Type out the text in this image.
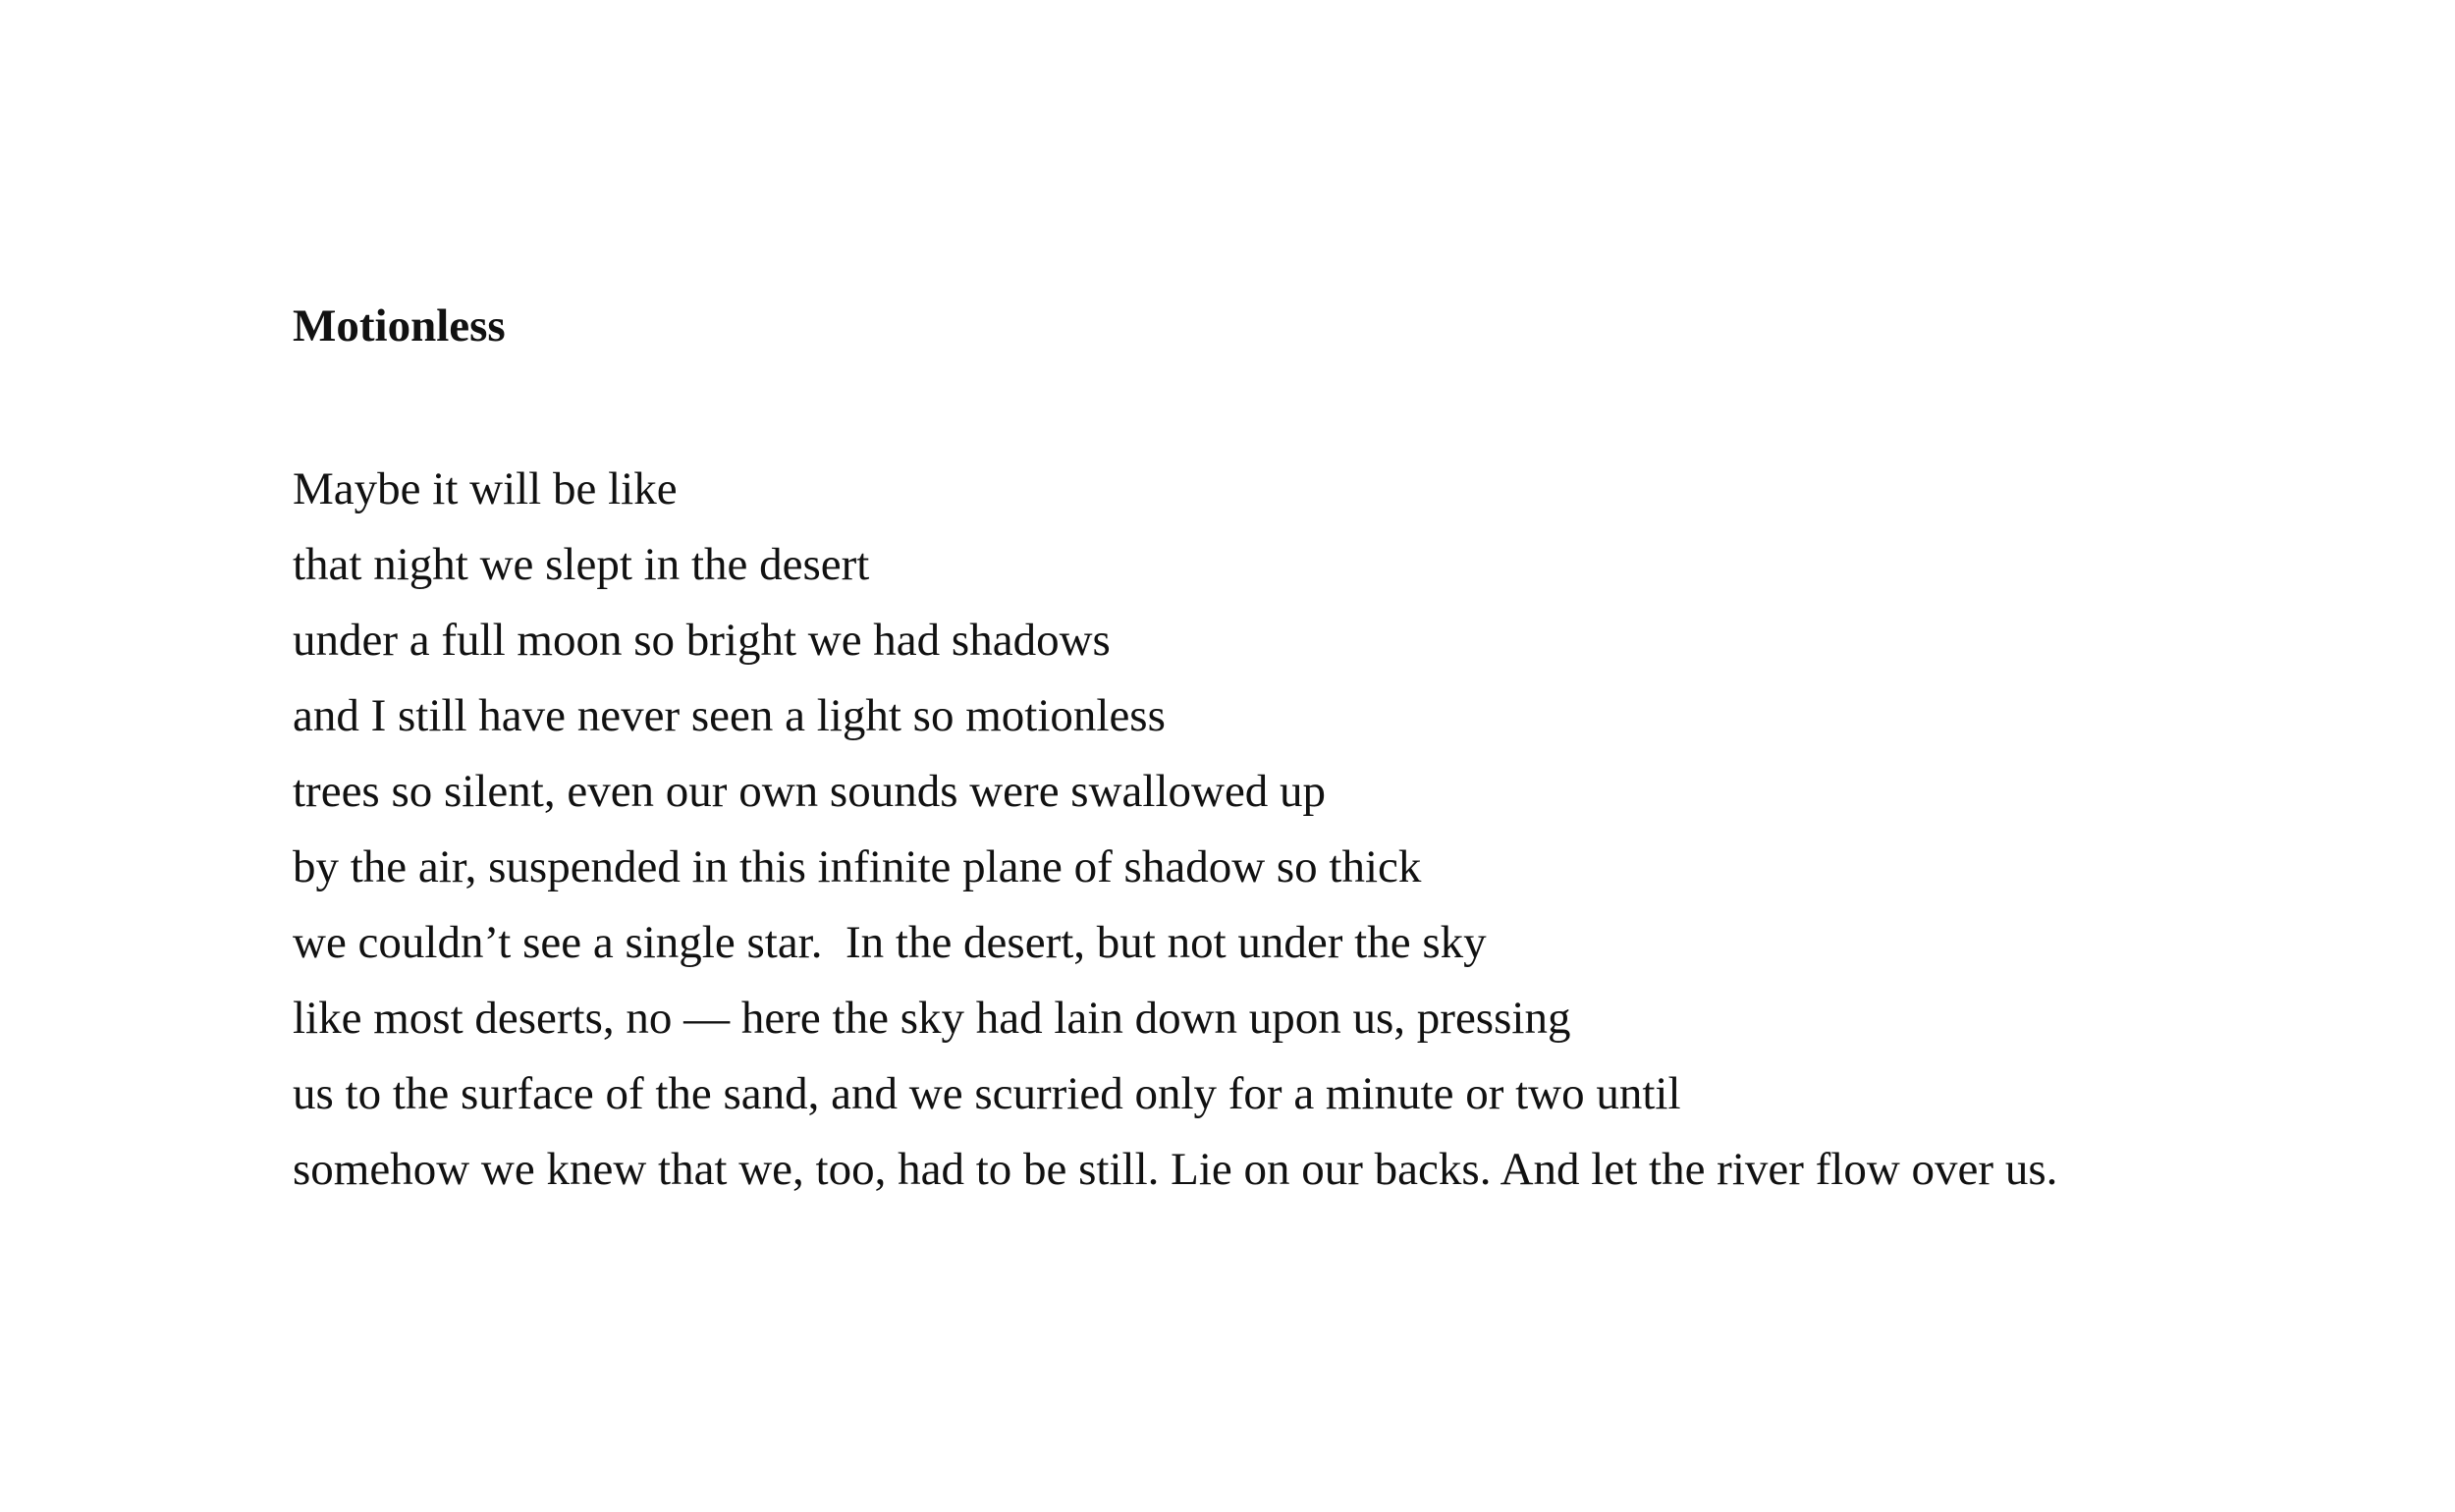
Motionless
Maybe it will be like
that night we slept in the desert
under a full moon so bright we had shadows
and I still have never seen a light so motionless
trees so silent, even our own sounds were swallowed up
by the air, suspended in this infinite plane of shadow so thick
we couldn’t see a single star.  In the desert, but not under the sky
like most deserts, no — here the sky had lain down upon us, pressing
us to the surface of the sand, and we scurried only for a minute or two until
somehow we knew that we, too, had to be still. Lie on our backs. And let the river flow over us.
